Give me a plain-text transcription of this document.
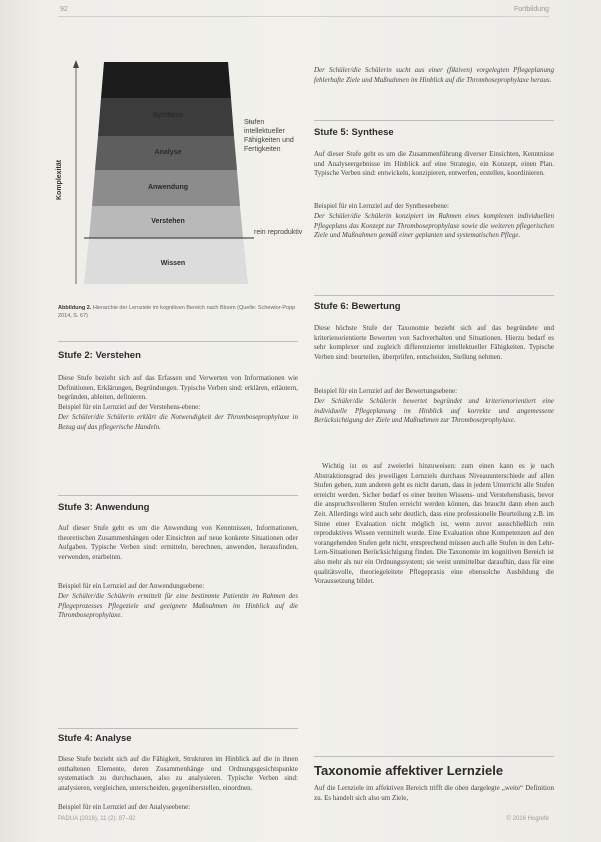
92	Fortbildung
Synthese
Analyse
Anwendung
Verstehen
Wissen
Komplexität
Stufen intellektueller Fähigkeiten und Fertigkeiten
rein reproduktiv
Abbildung 2. Hierarchie der Lernziele im kognitiven Bereich nach Bloom (Quelle: Schewior-Popp 2014, S. 67)
Stufe 2: Verstehen

Diese Stufe bezieht sich auf das Erfassen und Verwerten von Informationen wie Definitionen, Erklärungen, Begründungen. Typische Verben sind: erklären, erläutern, begründen, ableiten, definieren.

Beispiel für ein Lernziel auf der Verstehens-ebene:

Der Schüler/die Schülerin erklärt die Notwendigkeit der Thromboseprophylaxe in Bezug auf das pflegerische Handeln.

Stufe 3: Anwendung

Auf dieser Stufe geht es um die Anwendung von Kenntnissen, Informationen, theoretischen Zusammenhängen oder Einsichten auf neue konkrete Situationen oder Aufgaben. Typische Verben sind: ermitteln, berechnen, anwenden, herausfinden, verwenden, erarbeiten.

Beispiel für ein Lernziel auf der Anwendungsebene:

Der Schüler/die Schülerin ermittelt für eine bestimmte Patientin im Rahmen des Pflegeprozesses Pflegeziele und geeignete Maßnahmen im Hinblick auf die Thromboseprophylaxe.

Stufe 4: Analyse

Diese Stufe bezieht sich auf die Fähigkeit, Strukturen im Hinblick auf die in ihnen enthaltenen Elemente, deren Zusammenhänge und Ordnungsgesichtspunkte systematisch zu durchschauen, also zu analysieren. Typische Verben sind: analysieren, vergleichen, unterscheiden, gegenüberstellen, einordnen.

Beispiel für ein Lernziel auf der Analyseebene:

Der Schüler/die Schülerin sucht aus einer (fiktiven) vorgelegten Pflegeplanung fehlerhafte Ziele und Maßnahmen im Hinblick auf die Thromboseprophylaxe heraus.

Stufe 5: Synthese

Auf dieser Stufe geht es um die Zusammenführung diverser Einsichten, Kenntnisse und Analyseergebnisse im Hinblick auf eine Strategie, ein Konzept, einen Plan. Typische Verben sind: entwickeln, konzipieren, entwerfen, erstellen, koordinieren.

Beispiel für ein Lernziel auf der Syntheseebene:

Der Schüler/die Schülerin konzipiert im Rahmen eines komplexen individuellen Pflegeplans das Konzept zur Thromboseprophylaxe sowie die weiteren pflegerischen Ziele und Maßnahmen gemäß einer geplanten und systematischen Pflege.

Stufe 6: Bewertung

Diese höchste Stufe der Taxonomie bezieht sich auf das begründete und kriterienorientierte Bewerten von Sachverhalten und Situationen. Hierzu bedarf es sehr komplexer und zugleich differenzierter intellektueller Fähigkeiten. Typische Verben sind: beurteilen, überprüfen, entscheiden, Stellung nehmen.

Beispiel für ein Lernziel auf der Bewertungsebene:

Der Schüler/die Schülerin bewertet begründet und kriterienorientiert eine individuelle Pflegeplanung im Hinblick auf korrekte und angemessene Berücksichtigung der Ziele und Maßnahmen zur Thromboseprophylaxe.

Wichtig ist es auf zweierlei hinzuweisen: zum einen kann es je nach Abstraktionsgrad des jeweiligen Lernziels durchaus Niveauunterschiede auf allen Stufen geben, zum anderen geht es nicht darum, dass in jedem Unterricht alle Stufen erreicht werden. Sicher bedarf es einer breiten Wissens- und Verstehensbasis, bevor die anspruchsvolleren Stufen erreicht werden können, das braucht dann eben auch Zeit. Allerdings wird auch sehr deutlich, dass eine professionelle Beurteilung z.B. im Sinne einer Evaluation nicht möglich ist, wenn zuvor ausschließlich rein reproduktives Wissen vermittelt wurde. Eine Evaluation ohne Kompetenzen auf den vorangehenden Stufen geht nicht, entsprechend müssen auch alle Stufen in den Lehr-Lern-Situationen Berücksichtigung finden. Die Taxonomie im kognitiven Bereich ist also mehr als nur ein Ordnungssystem; sie weist unmittelbar daraufhin, dass für eine qualitätsvolle, theoriegeleitete Pflegepraxis eine ebensolche Ausbildung die Voraussetzung bildet.

Taxonomie affektiver Lernziele

Auf die Lernziele im affektiven Bereich trifft die oben dargelegte „weite“ Definition zu. Es handelt sich also um Ziele,

PADUA (2016), 11 (2): 87–92	© 2016 Hogrefe
